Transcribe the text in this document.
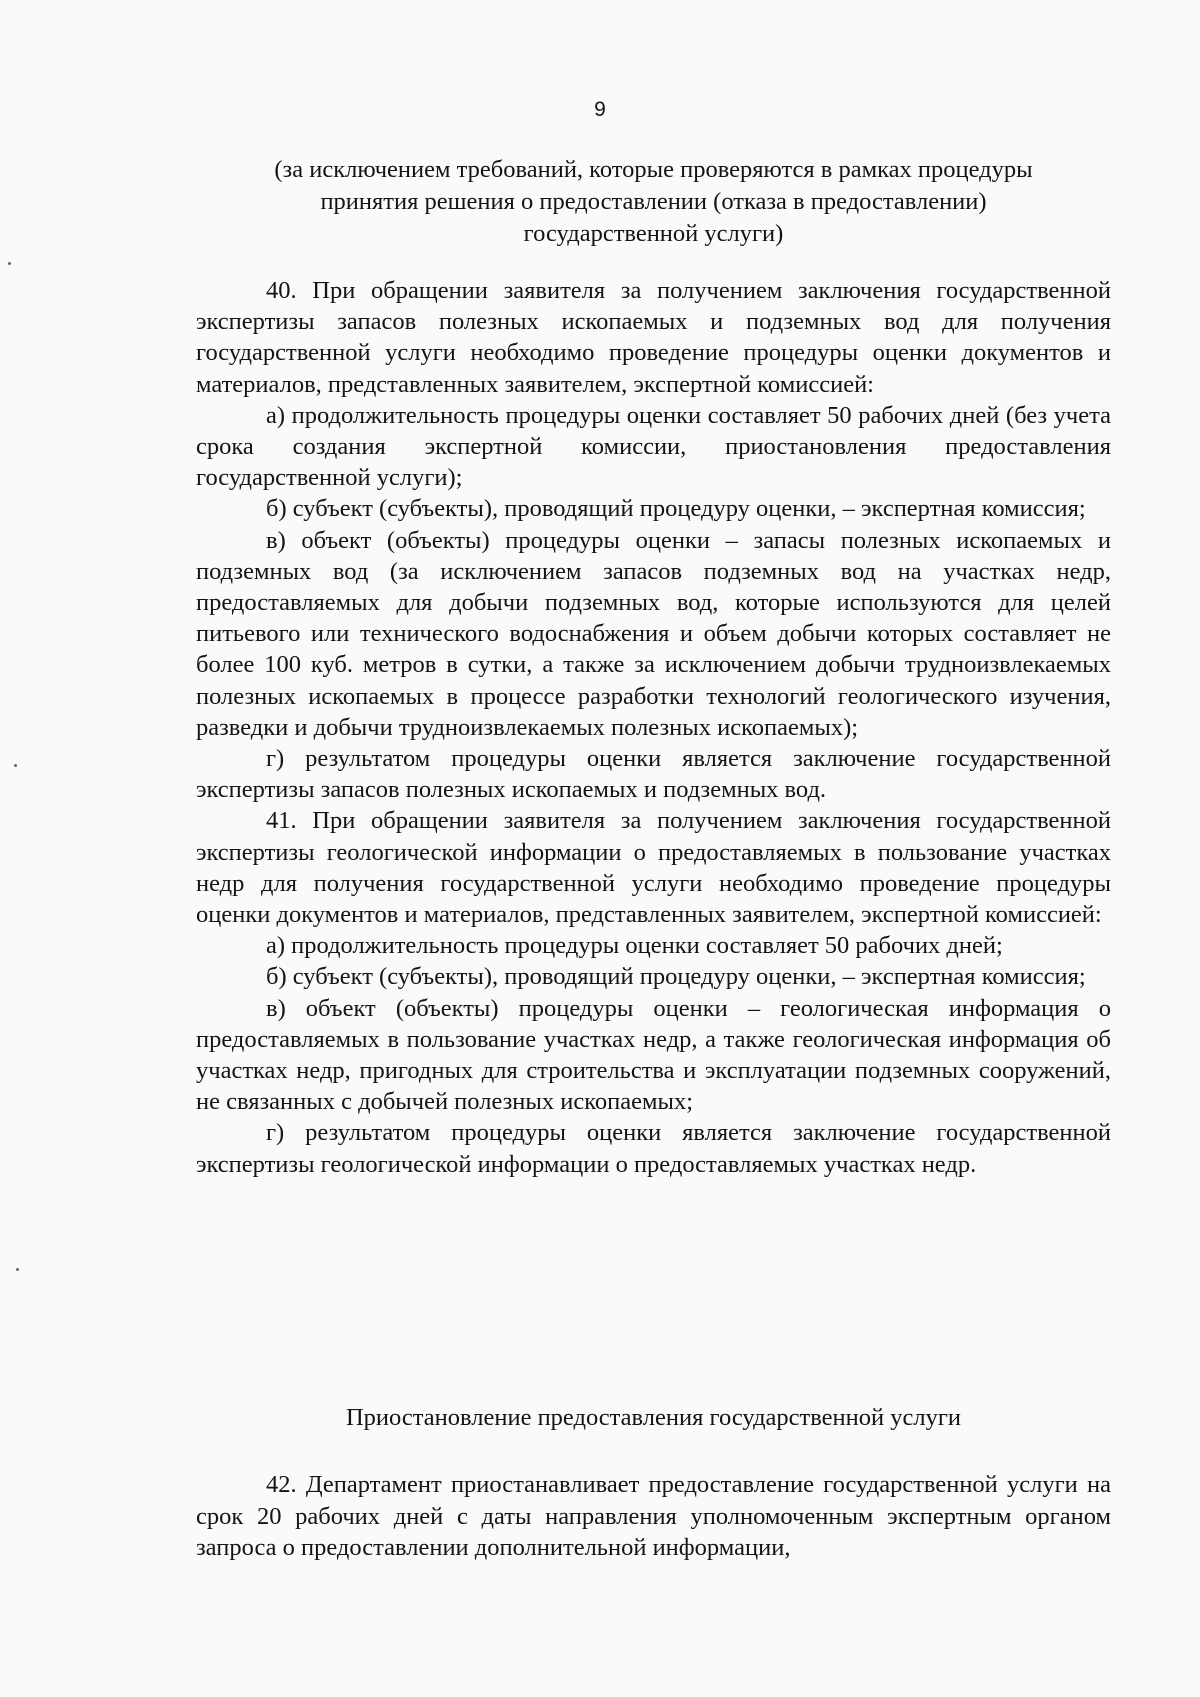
9
(за исключением требований, которые проверяются в рамках процедуры
принятия решения о предоставлении (отказа в предоставлении)
государственной услуги)

40. При обращении заявителя за получением заключения государственной экспертизы запасов полезных ископаемых и подземных вод для получения государственной услуги необходимо проведение процедуры оценки документов и материалов, представленных заявителем, экспертной комиссией:

а) продолжительность процедуры оценки составляет 50 рабочих дней (без учета срока создания экспертной комиссии, приостановления предоставления государственной услуги);

б) субъект (субъекты), проводящий процедуру оценки, – экспертная комиссия;

в) объект (объекты) процедуры оценки – запасы полезных ископаемых и подземных вод (за исключением запасов подземных вод на участках недр, предоставляемых для добычи подземных вод, которые используются для целей питьевого или технического водоснабжения и объем добычи которых составляет не более 100 куб. метров в сутки, а также за исключением добычи трудноизвлекаемых полезных ископаемых в процессе разработки технологий геологического изучения, разведки и добычи трудноизвлекаемых полезных ископаемых);

г) результатом процедуры оценки является заключение государственной экспертизы запасов полезных ископаемых и подземных вод.

41. При обращении заявителя за получением заключения государственной экспертизы геологической информации о предоставляемых в пользование участках недр для получения государственной услуги необходимо проведение процедуры оценки документов и материалов, представленных заявителем, экспертной комиссией:

а) продолжительность процедуры оценки составляет 50 рабочих дней;

б) субъект (субъекты), проводящий процедуру оценки, – экспертная комиссия;

в) объект (объекты) процедуры оценки – геологическая информация о предоставляемых в пользование участках недр, а также геологическая информация об участках недр, пригодных для строительства и эксплуатации подземных сооружений, не связанных с добычей полезных ископаемых;

г) результатом процедуры оценки является заключение государственной экспертизы геологической информации о предоставляемых участках недр.

Приостановление предоставления государственной услуги

42. Департамент приостанавливает предоставление государственной услуги на срок 20 рабочих дней с даты направления уполномоченным экспертным органом запроса о предоставлении дополнительной информации,
